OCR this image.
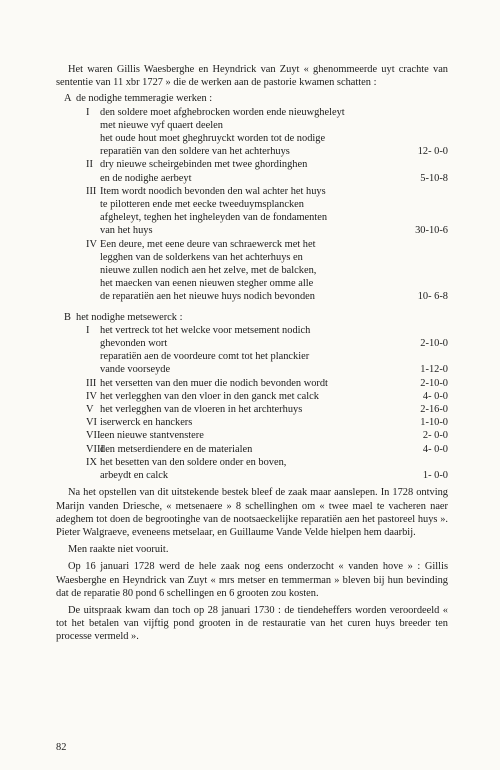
Het waren Gillis Waesberghe en Heyndrick van Zuyt « ghenommeerde uyt crachte van sententie van 11 xbr 1727 » die de werken aan de pastorie kwamen schatten :

A de nodighe temmeragie werken :
I	den soldere moet afghebrocken worden ende nieuwgheleyt
met nieuwe vyf quaert deelen
het oude hout moet gheghruyckt worden tot de nodige
reparatiën van den soldere van het achterhuys	12- 0-0
II dry nieuwe scheirgebinden met twee ghordinghen
en de nodighe aerbeyt	5-10-8
III Item wordt noodich bevonden den wal achter het huys
te pilotteren ende met eecke tweeduymsplancken
afgheleyt, teghen het ingheleyden van de fondamenten
van het huys	30-10-6
IV Een deure, met eene deure van schraewerck met het
legghen van de solderkens van het achterhuys en
nieuwe zullen nodich aen het zelve, met de balcken,
het maecken van eenen nieuwen stegher omme alle
de reparatiën aen het nieuwe huys nodich bevonden	10- 6-8
B het nodighe metsewerck :
I	het vertreck tot het welcke voor metsement nodich
ghevonden wort	2-10-0
reparatiën aen de voordeure comt tot het planckier
vande voorseyde	1-12-0
III het versetten van den muer die nodich bevonden wordt	2-10-0
IV het verlegghen van den vloer in den ganck met calck	4- 0-0
V het verlegghen van de vloeren in het archterhuys	2-16-0
VI iserwerck en hanckers	1-10-0
VII een nieuwe stantvenstere	2- 0-0
VIII
den metserdiendere en de materialen	4- 0-0
IX het besetten van den soldere onder en boven,
arbeydt en calck	1- 0-0

Na het opstellen van dit uitstekende bestek bleef de zaak maar aanslepen. In 1728 ontving Marijn vanden Driesche, « metsenaere » 8 schellinghen om « twee mael te vacheren naer adeghem tot doen de begrootinghe van de nootsaeckelijke reparatiën aen het pastoreel huys ». Pieter Walgraeve, eveneens metselaar, en Guillaume Vande Velde hielpen hem daarbij.

Men raakte niet vooruit.

Op 16 januari 1728 werd de hele zaak nog eens onderzocht « vanden hove » : Gillis Waesberghe en Heyndrick van Zuyt « mrs metser en temmerman » bleven bij hun bevinding dat de reparatie 80 pond 6 schellingen en 6 grooten zou kosten.

De uitspraak kwam dan toch op 28 januari 1730 : de tiendeheffers worden veroordeeld « tot het betalen van vijftig pond grooten in de restauratie van het curen huys breeder ten processe vermeld ».

82
